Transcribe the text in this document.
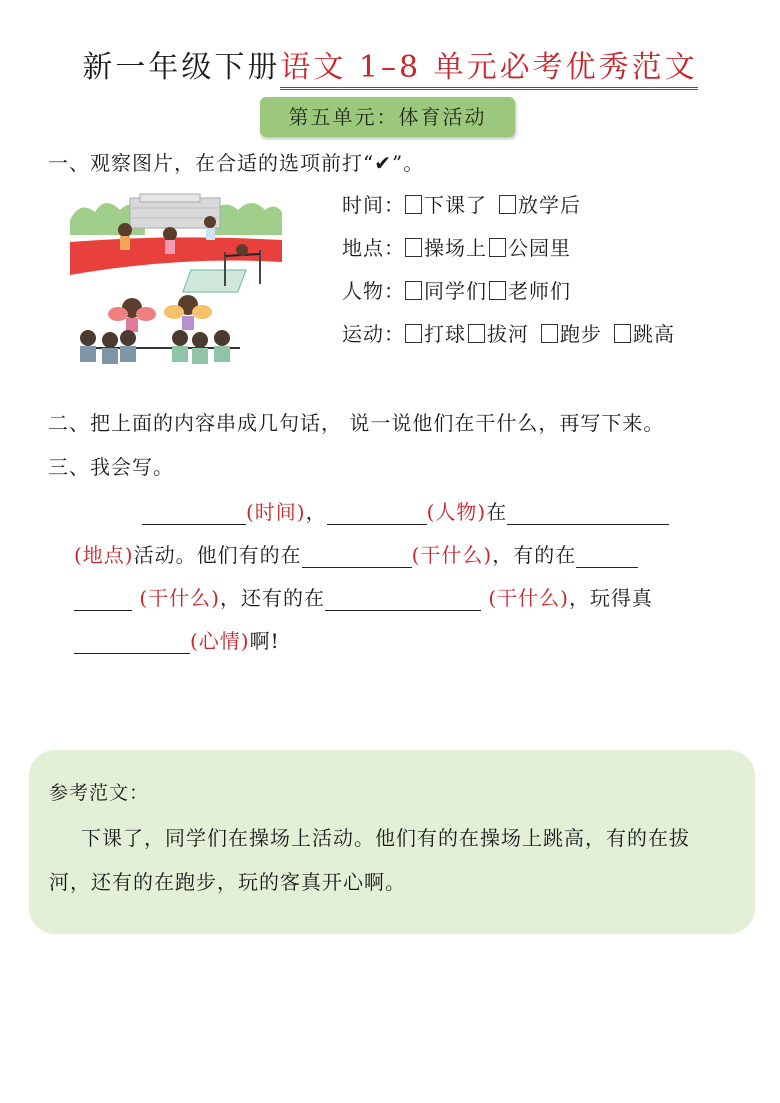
新一年级下册语文 1–8 单元必考优秀范文
第五单元：体育活动
一、观察图片，在合适的选项前打“✔”。
时间： 下课了 放学后
地点： 操场上 公园里
人物： 同学们 老师们
运动： 打球 拔河 跑步 跳高
二、把上面的内容串成几句话， 说一说他们在干什么，再写下来。
三、我会写。
(时间)，	(人物)在
(地点)活动。他们有的在	(干什么)，有的在
(干什么)，还有的在	(干什么)，玩得真
(心情)啊!
参考范文：
下课了，同学们在操场上活动。他们有的在操场上跳高，有的在拔河，还有的在跑步，玩的客真开心啊。
